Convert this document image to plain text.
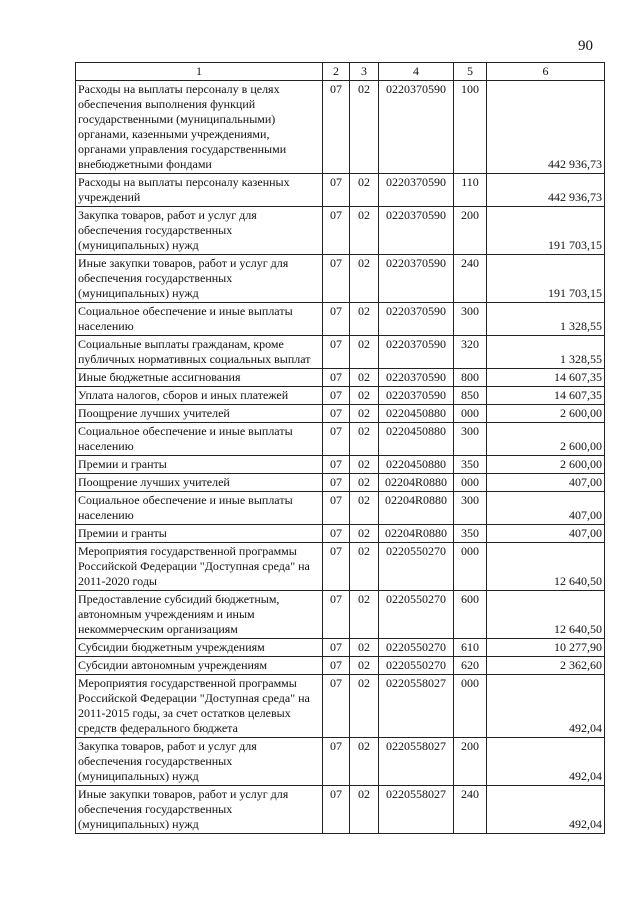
90
1	2	3	4	5	6
Расходы на выплаты персоналу в целях обеспечения выполнения функций государственными (муниципальными) органами, казенными учреждениями, органами управления государственными внебюджетными фондами	07	02	0220370590	100	442 936,73
Расходы на выплаты персоналу казенных учреждений	07	02	0220370590	110	442 936,73
Закупка товаров, работ и услуг для обеспечения государственных (муниципальных) нужд	07	02	0220370590	200	191 703,15
Иные закупки товаров, работ и услуг для обеспечения государственных (муниципальных) нужд	07	02	0220370590	240	191 703,15
Социальное обеспечение и иные выплаты населению	07	02	0220370590	300	1 328,55
Социальные выплаты гражданам, кроме публичных нормативных социальных выплат	07	02	0220370590	320	1 328,55
Иные бюджетные ассигнования	07	02	0220370590	800	14 607,35
Уплата налогов, сборов и иных платежей	07	02	0220370590	850	14 607,35
Поощрение лучших учителей	07	02	0220450880	000	2 600,00
Социальное обеспечение и иные выплаты населению	07	02	0220450880	300	2 600,00
Премии и гранты	07	02	0220450880	350	2 600,00
Поощрение лучших учителей	07	02	02204R0880	000	407,00
Социальное обеспечение и иные выплаты населению	07	02	02204R0880	300	407,00
Премии и гранты	07	02	02204R0880	350	407,00
Мероприятия государственной программы Российской Федерации "Доступная среда" на 2011-2020 годы	07	02	0220550270	000	12 640,50
Предоставление субсидий бюджетным, автономным учреждениям и иным некоммерческим организациям	07	02	0220550270	600	12 640,50
Субсидии бюджетным учреждениям	07	02	0220550270	610	10 277,90
Субсидии автономным учреждениям	07	02	0220550270	620	2 362,60
Мероприятия государственной программы Российской Федерации "Доступная среда" на 2011-2015 годы, за счет остатков целевых средств федерального бюджета	07	02	0220558027	000	492,04
Закупка товаров, работ и услуг для обеспечения государственных (муниципальных) нужд	07	02	0220558027	200	492,04
Иные закупки товаров, работ и услуг для обеспечения государственных (муниципальных) нужд	07	02	0220558027	240	492,04
